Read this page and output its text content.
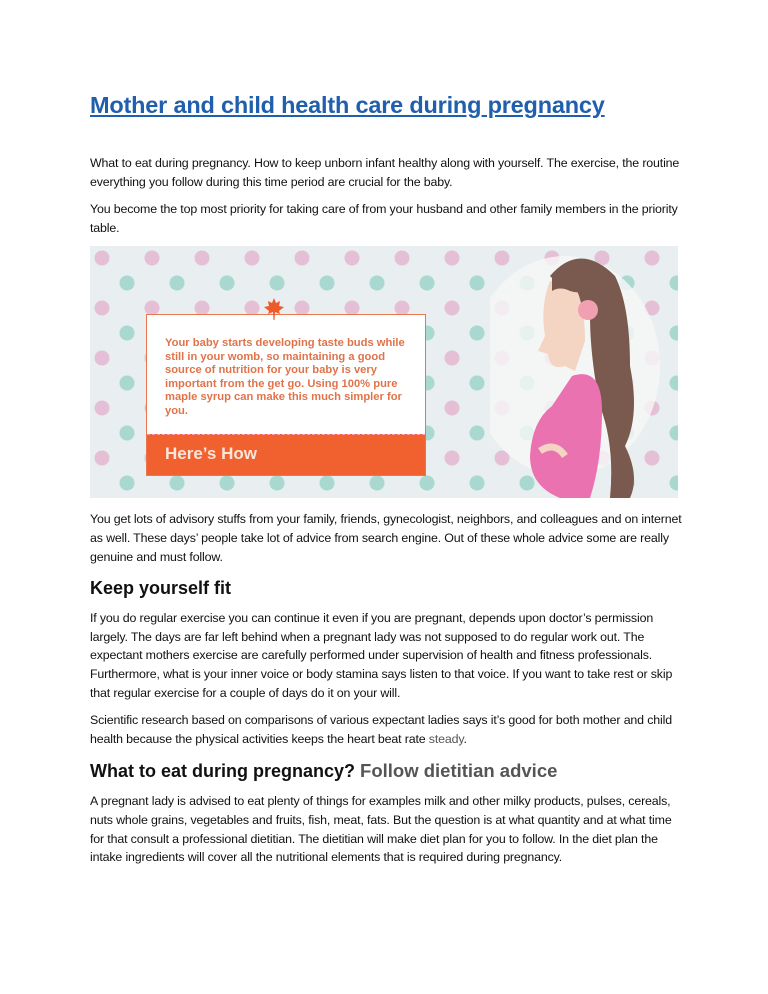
Mother and child health care during pregnancy

What to eat during pregnancy. How to keep unborn infant healthy along with yourself. The exercise, the routine everything you follow during this time period are crucial for the baby.

You become the top most priority for taking care of from your husband and other family members in the priority table.

Your baby starts developing taste buds while still in your womb, so maintaining a good source of nutrition for your baby is very important from the get go. Using 100% pure maple syrup can make this much simpler for you.
Here’s How

You get lots of advisory stuffs from your family, friends, gynecologist, neighbors, and colleagues and on internet as well. These days’ people take lot of advice from search engine. Out of these whole advice some are really genuine and must follow.

Keep yourself fit

If you do regular exercise you can continue it even if you are pregnant, depends upon doctor’s permission largely. The days are far left behind when a pregnant lady was not supposed to do regular work out. The expectant mothers exercise are carefully performed under supervision of health and fitness professionals. Furthermore, what is your inner voice or body stamina says listen to that voice. If you want to take rest or skip that regular exercise for a couple of days do it on your will.

Scientific research based on comparisons of various expectant ladies says it’s good for both mother and child health because the physical activities keeps the heart beat rate steady.

What to eat during pregnancy? Follow dietitian advice

A pregnant lady is advised to eat plenty of things for examples milk and other milky products, pulses, cereals, nuts whole grains, vegetables and fruits, fish, meat, fats. But the question is at what quantity and at what time for that consult a professional dietitian. The dietitian will make diet plan for you to follow. In the diet plan the intake ingredients will cover all the nutritional elements that is required during pregnancy.
